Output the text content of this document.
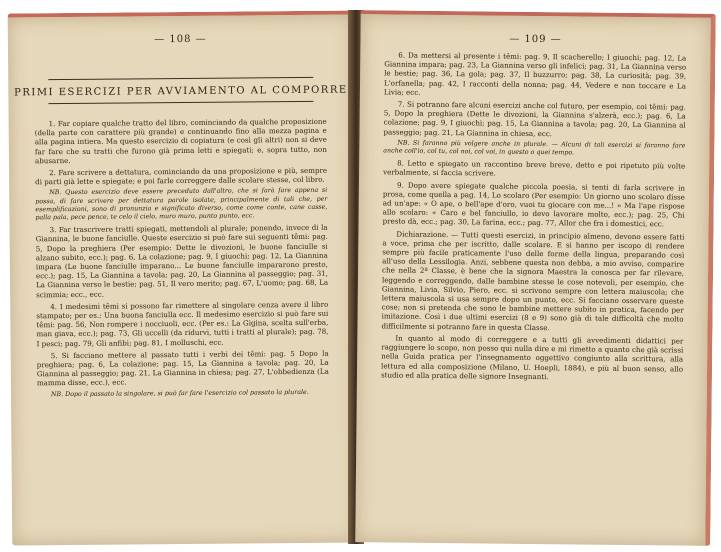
— 108 —
PRIMI ESERCIZI PER AVVIAMENTO AL COMPORRE

1. Far copiare qualche tratto del libro, cominciando da qualche proposizione (della parte con carattere più grande) e continuando fino alla mezza pagina e alla pagina intiera. Ma questo esercizio di copiatura (e così gli altri) non si deve far fare che su tratti che furono già prima letti e spiegati; e, sopra tutto, non abusarne.

2. Fare scrivere a dettatura, cominciando da una proposizione e più, sempre di parti già lette e spiegate; e poi farle correggere dalle scolare stesse, col libro.

NB. Questo esercizio deve essere preceduto dall'altro, che si farà fare appena si possa, di fare scrivere per dettatura parole isolate, principalmente di tali che, per esemplificazioni, sono di pronunzia e significato diverso, come come conte, cane casse, palla pala, pece pence, te celo il cielo, muro muro, punto punto, ecc.

3. Far trascrivere tratti spiegati, mettendoli al plurale; ponendo, invece di la Giannina, le buone fanciulle. Queste esercizio si può fare sui seguenti têmi: pag. 5, Dopo la preghiera (Per esempio: Dette le divozioni, le buone fanciulle si alzano subito, ecc.); pag. 6, La colazione; pag. 9, I giuochi; pag. 12, La Giannina impara (Le buone fanciulle imparano... Le buone fanciulle impararono presto, ecc.); pag. 15, La Giannina a tavola; pag. 20, La Giannina al passeggio; pag. 31, La Giannina verso le bestie; pag. 51, Il vero merito; pag. 67, L'uomo; pag. 68, La scimmia; ecc., ecc.

4. I medesimi têmi si possono far rimettere al singolare cenza avere il libro stampato; per es.: Una buona fanciulla ecc. Il medesimo esercizio si può fare sui têmi: pag. 56, Non rompere i nocciuoli, ecc. (Per es.: La Gigina, scelta sull'erba, man giava, ecc.); pag. 73, Gli uccelli (da ridurvi, tutti i tratti al plurale); pag. 78, I pesci; pag. 79, Gli anfibi; pag. 81, I molluschi, ecc.

5. Si facciano mettere al passato tutti i verbi dei têmi: pag. 5 Dopo la preghiera; pag. 6, La colazione; pag. 15, La Giannina a tavola; pag. 20, La Giannina al passeggio; pag. 21, La Giannina in chiesa; pag. 27, L'obbedienza (La mamma disse, ecc.), ecc.

NB. Dopo il passato la singolare, si può far fare l'esercizio col passato la plurale.

— 109 —

6. Da mettersi al presente i têmi: pag. 9, Il scacherello; I giuochi; pag. 12, La Giannina impara; pag. 23, La Giannina verso gli infelici; pag. 31, La Giannina verso le bestie; pag. 36, La gola; pag. 37, Il buzzurro; pag. 38, La curiosità; pag. 39, L'orfanella; pag. 42, I racconti della nonna; pag. 44, Vedere e non toccare e La Livia; ecc.

7. Si potranno fare alcuni esercizi anche col futuro, per esempio, coi têmi: pag. 5, Dopo la preghiera (Dette le divozioni, la Giannina s'alzerà, ecc.); pag. 6, La colazione; pag. 9, I giuochi; pag. 15, La Giannina a tavola; pag. 20, La Giannina al passeggio; pag. 21, La Giannina in chiesa, ecc.

NB. Si faranno più volgere anche in plurale. — Alcuni di tali esercizi si faranno fare anche coll'io, col tu, col noi, col voi, in questo o quei tempo.

8. Letto e spiegato un raccontino breve breve, detto e poi ripetuto più volte verbalmente, si faccia scrivere.

9. Dopo avere spiegate qualche piccola poesia, si tenti di farla scrivere in prosa, come quella a pag. 14, Lo scolaro (Per esempio: Un giorno uno scolaro disse ad un'ape: « O ape, o bell'ape d'oro, vuoi tu giocare con me...! » Ma l'ape rispose allo scolaro: « Caro e bel fanciullo, io devo lavorare molto, ecc.); pag. 25, Chi presto dà, ecc.; pag. 30, La farina, ecc.; pag. 77, Allor che fra i domestici, ecc.

Dichiarazione. — Tutti questi esercizi, in principio almeno, devono essere fatti a voce, prima che per iscritto, dalle scolare. E si hanno per iscopo di rendere sempre più facile praticamente l'uso delle forme della lingua, preparando così all'uso della Lessilogia. Anzi, sebbene questa non debba, a mio avviso, comparire che nella 2ª Classe, è bene che la signora Maestra la conosca per far rilevare, leggendo e correggendo, dalle bambine stesse le cose notevoli, per esempio, che Giannina, Livia, Silvio, Piero, ecc. si scrivono sempre con lettera maiuscola; che lettera maiuscola si usa sempre dopo un punto, ecc. Si facciano osservare queste cose; non si pretenda che sono le bambine mettere subito in pratica, facendo per imitazione. Così i due ultimi esercizi (8 e 9) sono già di tale difficoltà che molto difficilmente si potranno fare in questa Classe.

In quanto al modo di correggere e a tutti gli avvedimenti didattici per raggiungere lo scopo, non posso qui nulla dire e mi rimetto a quanto che già scrissi nella Guida pratica per l'insegnamento oggettivo congiunto alla scrittura, alla lettura ed alla composizione (Milano, U. Hoepli, 1884), e più al buon senso, allo studio ed alla pratica delle signore Insegnanti.
